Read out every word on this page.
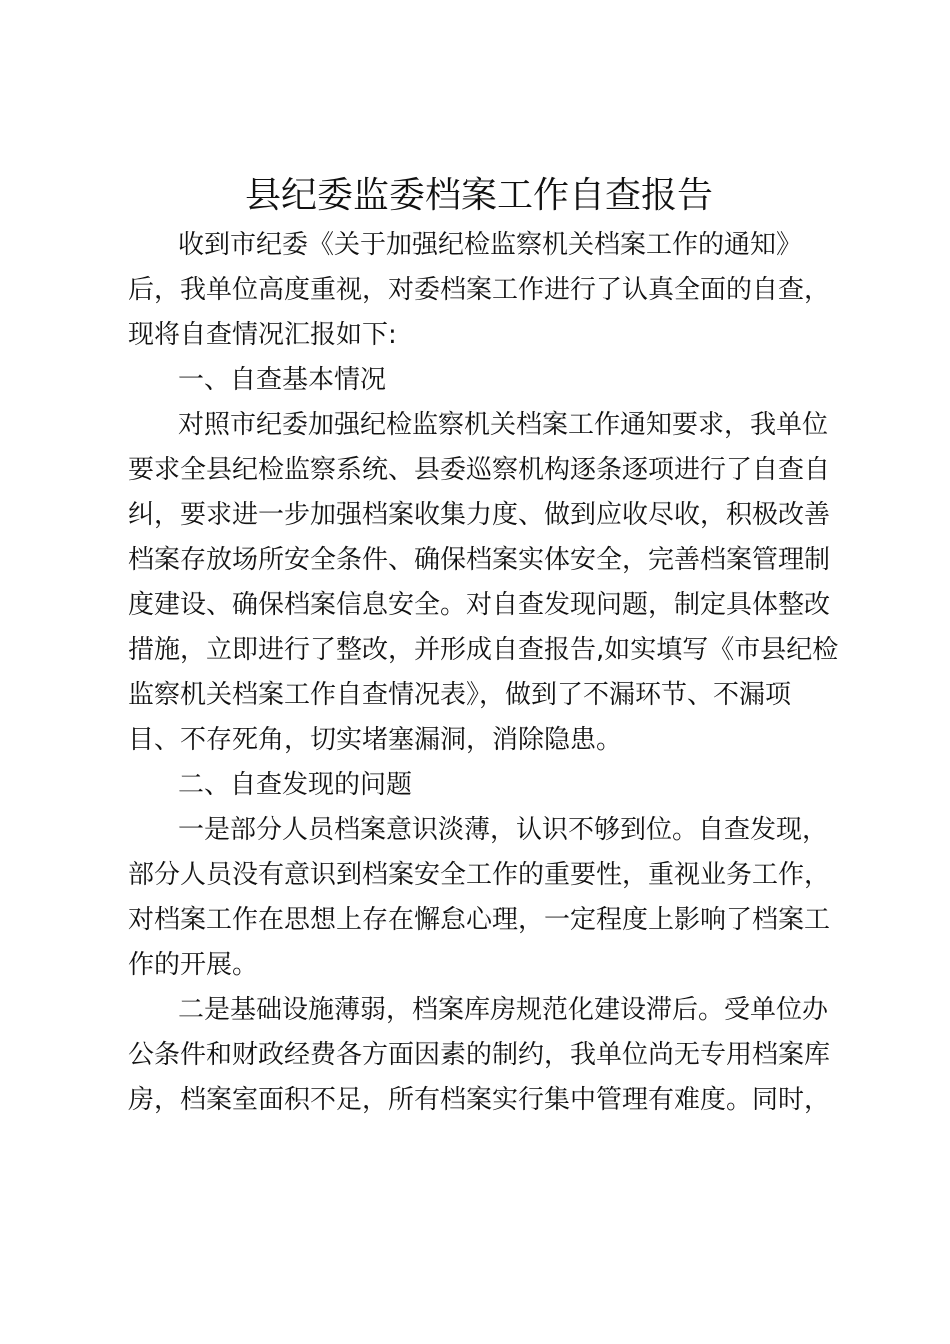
县纪委监委档案工作自查报告

收到市纪委《关于加强纪检监察机关档案工作的通知》

后，我单位高度重视，对委档案工作进行了认真全面的自查，

现将自查情况汇报如下:

一、自查基本情况

对照市纪委加强纪检监察机关档案工作通知要求，我单位

要求全县纪检监察系统、县委巡察机构逐条逐项进行了自查自

纠，要求进一步加强档案收集力度、做到应收尽收，积极改善

档案存放场所安全条件、确保档案实体安全，完善档案管理制

度建设、确保档案信息安全。对自查发现问题，制定具体整改

措施，立即进行了整改，并形成自查报告,如实填写《市县纪检

监察机关档案工作自查情况表》，做到了不漏环节、不漏项

目、不存死角，切实堵塞漏洞，消除隐患。

二、自查发现的问题

一是部分人员档案意识淡薄，认识不够到位。自查发现，

部分人员没有意识到档案安全工作的重要性，重视业务工作，

对档案工作在思想上存在懈怠心理，一定程度上影响了档案工

作的开展。

二是基础设施薄弱，档案库房规范化建设滞后。受单位办

公条件和财政经费各方面因素的制约，我单位尚无专用档案库

房，档案室面积不足，所有档案实行集中管理有难度。同时，
